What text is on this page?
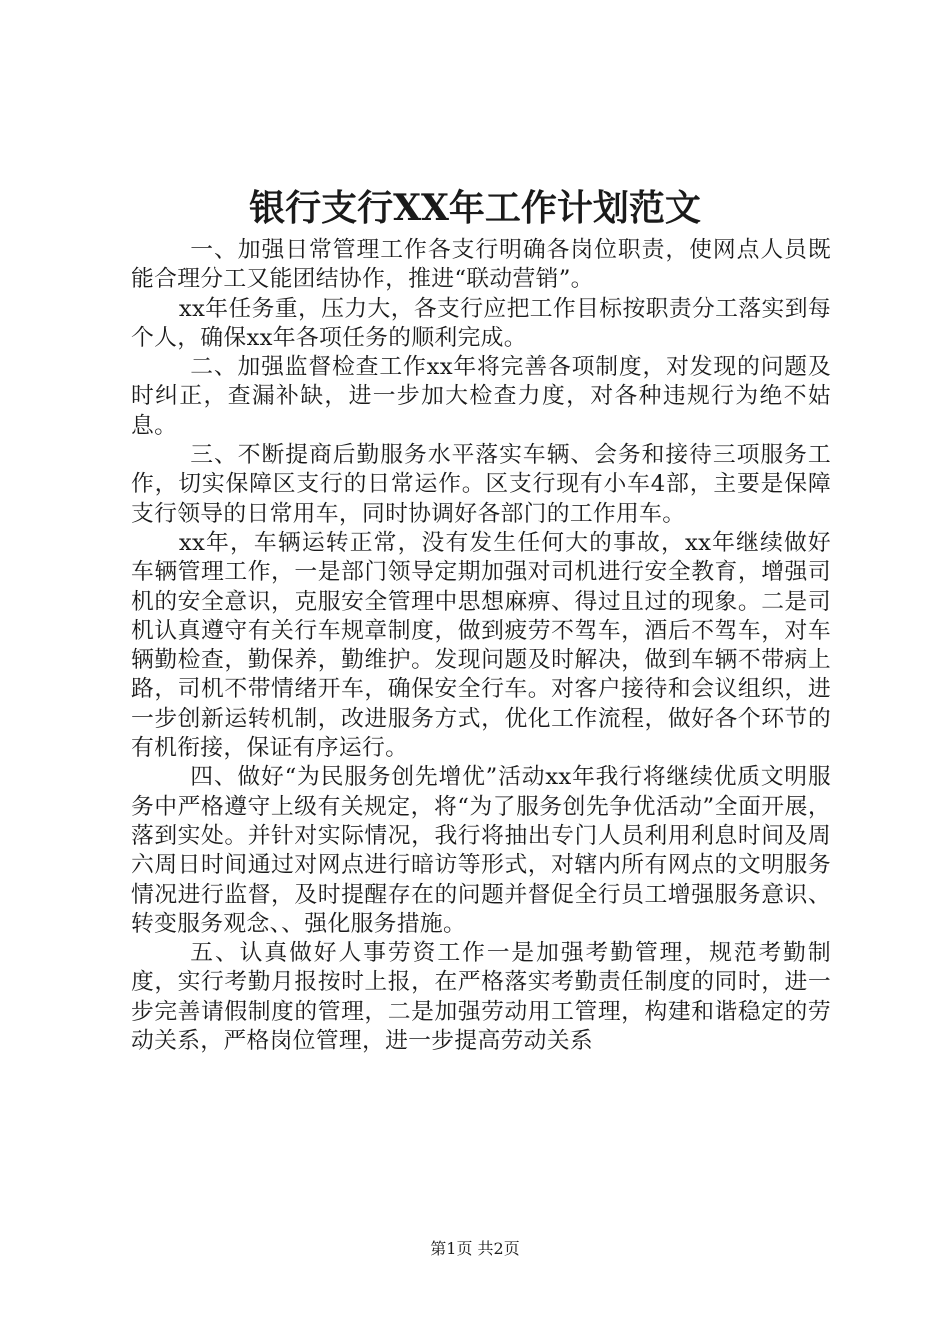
银行支行XX年工作计划范文

一、加强日常管理工作各支行明确各岗位职责，使网点人员既能合理分工又能团结协作，推进“联动营销”。

xx年任务重，压力大，各支行应把工作目标按职责分工落实到每个人，确保xx年各项任务的顺利完成。

二、加强监督检查工作xx年将完善各项制度，对发现的问题及时纠正，查漏补缺，进一步加大检查力度，对各种违规行为绝不姑息。

三、不断提商后勤服务水平落实车辆、会务和接待三项服务工作，切实保障区支行的日常运作。区支行现有小车4部，主要是保障支行领导的日常用车，同时协调好各部门的工作用车。

xx年，车辆运转正常，没有发生任何大的事故，xx年继续做好车辆管理工作，一是部门领导定期加强对司机进行安全教育，增强司机的安全意识，克服安全管理中思想麻痹、得过且过的现象。二是司机认真遵守有关行车规章制度，做到疲劳不驾车，酒后不驾车，对车辆勤检查，勤保养，勤维护。发现问题及时解决，做到车辆不带病上路，司机不带情绪开车，确保安全行车。对客户接待和会议组织，进一步创新运转机制，改进服务方式，优化工作流程，做好各个环节的有机衔接，保证有序运行。

四、做好“为民服务创先增优”活动xx年我行将继续优质文明服务中严格遵守上级有关规定，将“为了服务创先争优活动”全面开展，落到实处。并针对实际情况，我行将抽出专门人员利用利息时间及周六周日时间通过对网点进行暗访等形式，对辖内所有网点的文明服务情况进行监督，及时提醒存在的问题并督促全行员工增强服务意识、转变服务观念、、强化服务措施。

五、认真做好人事劳资工作一是加强考勤管理，规范考勤制度，实行考勤月报按时上报，在严格落实考勤责任制度的同时，进一步完善请假制度的管理，二是加强劳动用工管理，构建和谐稳定的劳动关系，严格岗位管理，进一步提高劳动关系

第1页 共2页
